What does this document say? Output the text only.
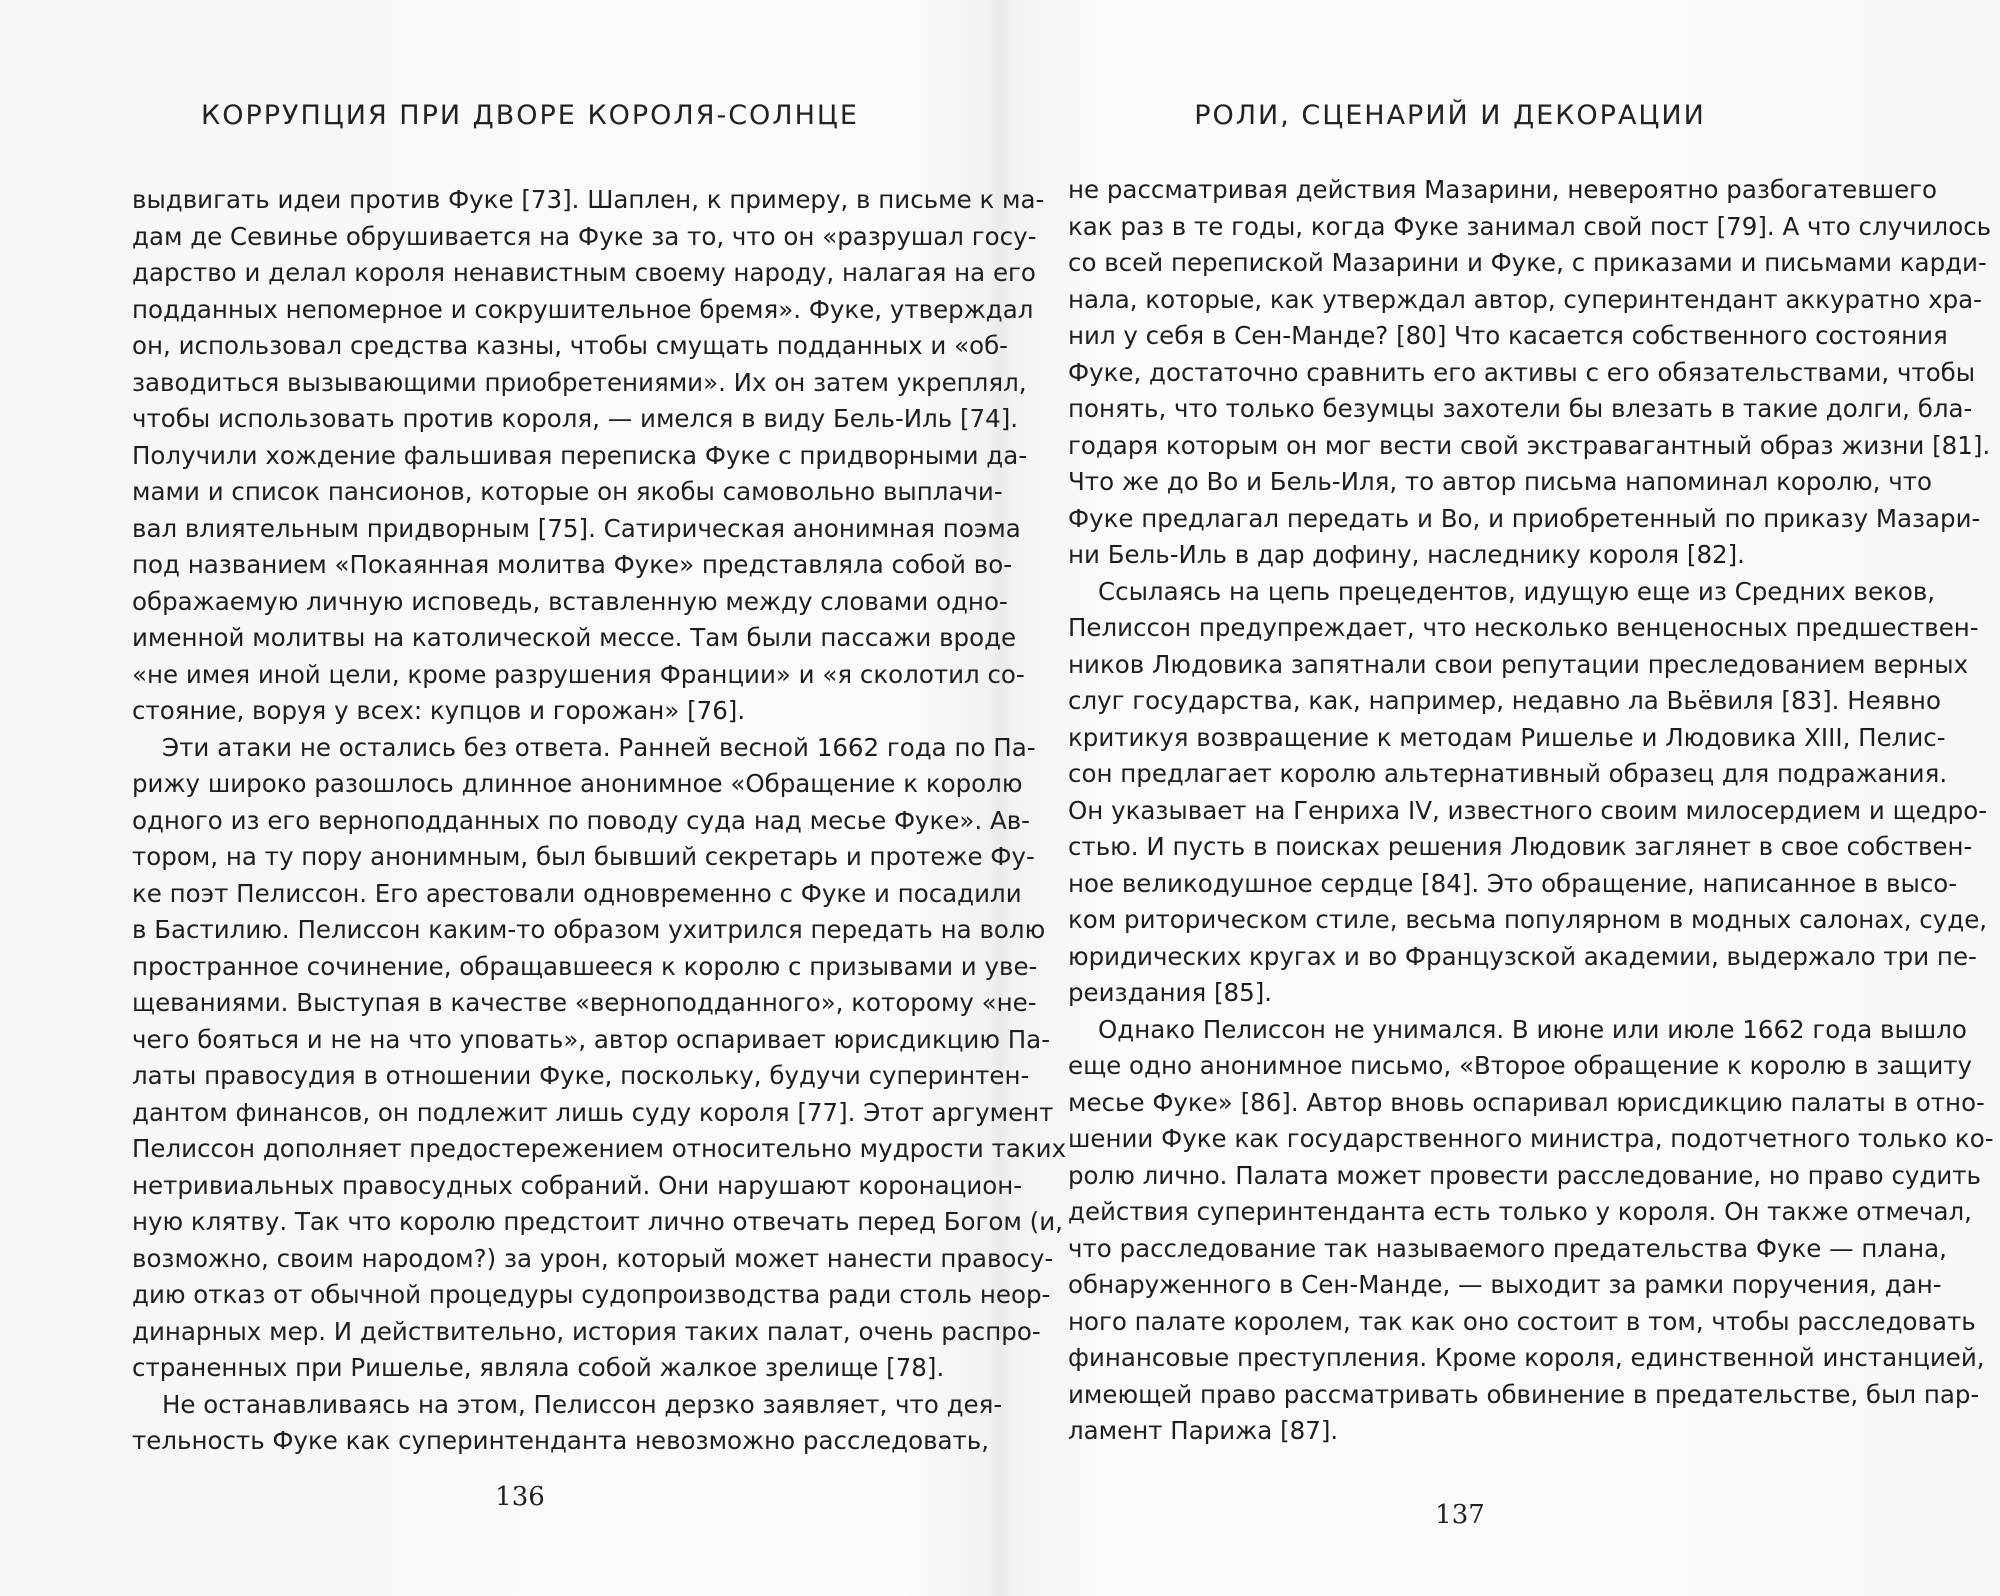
КОРРУПЦИЯ ПРИ ДВОРЕ КОРОЛЯ-СОЛНЦЕ
выдвигать идеи против Фуке [73]. Шаплен, к примеру, в письме к ма-
дам де Севинье обрушивается на Фуке за то, что он «разрушал госу-
дарство и делал короля ненавистным своему народу, налагая на его
подданных непомерное и сокрушительное бремя». Фуке, утверждал
он, использовал средства казны, чтобы смущать подданных и «об-
заводиться вызывающими приобретениями». Их он затем укреплял,
чтобы использовать против короля, — имелся в виду Бель-Иль [74].
Получили хождение фальшивая переписка Фуке с придворными да-
мами и список пансионов, которые он якобы самовольно выплачи-
вал влиятельным придворным [75]. Сатирическая анонимная поэма
под названием «Покаянная молитва Фуке» представляла собой во-
ображаемую личную исповедь, вставленную между словами одно-
именной молитвы на католической мессе. Там были пассажи вроде
«не имея иной цели, кроме разрушения Франции» и «я сколотил со-
стояние, воруя у всех: купцов и горожан» [76].
Эти атаки не остались без ответа. Ранней весной 1662 года по Па-
рижу широко разошлось длинное анонимное «Обращение к королю
одного из его верноподданных по поводу суда над месье Фуке». Ав-
тором, на ту пору анонимным, был бывший секретарь и протеже Фу-
ке поэт Пелиссон. Его арестовали одновременно с Фуке и посадили
в Бастилию. Пелиссон каким-то образом ухитрился передать на волю
пространное сочинение, обращавшееся к королю с призывами и уве-
щеваниями. Выступая в качестве «верноподданного», которому «не-
чего бояться и не на что уповать», автор оспаривает юрисдикцию Па-
латы правосудия в отношении Фуке, поскольку, будучи суперинтен-
дантом финансов, он подлежит лишь суду короля [77]. Этот аргумент
Пелиссон дополняет предостережением относительно мудрости таких
нетривиальных правосудных собраний. Они нарушают коронацион-
ную клятву. Так что королю предстоит лично отвечать перед Богом (и,
возможно, своим народом?) за урон, который может нанести правосу-
дию отказ от обычной процедуры судопроизводства ради столь неор-
динарных мер. И действительно, история таких палат, очень распро-
страненных при Ришелье, являла собой жалкое зрелище [78].
Не останавливаясь на этом, Пелиссон дерзко заявляет, что дея-
тельность Фуке как суперинтенданта невозможно расследовать,
136
РОЛИ, СЦЕНАРИЙ И ДЕКОРАЦИИ
не рассматривая действия Мазарини, невероятно разбогатевшего
как раз в те годы, когда Фуке занимал свой пост [79]. А что случилось
со всей перепиской Мазарини и Фуке, с приказами и письмами карди-
нала, которые, как утверждал автор, суперинтендант аккуратно хра-
нил у себя в Сен-Манде? [80] Что касается собственного состояния
Фуке, достаточно сравнить его активы с его обязательствами, чтобы
понять, что только безумцы захотели бы влезать в такие долги, бла-
годаря которым он мог вести свой экстравагантный образ жизни [81].
Что же до Во и Бель-Иля, то автор письма напоминал королю, что
Фуке предлагал передать и Во, и приобретенный по приказу Мазари-
ни Бель-Иль в дар дофину, наследнику короля [82].
Ссылаясь на цепь прецедентов, идущую еще из Средних веков,
Пелиссон предупреждает, что несколько венценосных предшествен-
ников Людовика запятнали свои репутации преследованием верных
слуг государства, как, например, недавно ла Вьёвиля [83]. Неявно
критикуя возвращение к методам Ришелье и Людовика XIII, Пелис-
сон предлагает королю альтернативный образец для подражания.
Он указывает на Генриха IV, известного своим милосердием и щедро-
стью. И пусть в поисках решения Людовик заглянет в свое собствен-
ное великодушное сердце [84]. Это обращение, написанное в высо-
ком риторическом стиле, весьма популярном в модных салонах, суде,
юридических кругах и во Французской академии, выдержало три пе-
реиздания [85].
Однако Пелиссон не унимался. В июне или июле 1662 года вышло
еще одно анонимное письмо, «Второе обращение к королю в защиту
месье Фуке» [86]. Автор вновь оспаривал юрисдикцию палаты в отно-
шении Фуке как государственного министра, подотчетного только ко-
ролю лично. Палата может провести расследование, но право судить
действия суперинтенданта есть только у короля. Он также отмечал,
что расследование так называемого предательства Фуке — плана,
обнаруженного в Сен-Манде, — выходит за рамки поручения, дан-
ного палате королем, так как оно состоит в том, чтобы расследовать
финансовые преступления. Кроме короля, единственной инстанцией,
имеющей право рассматривать обвинение в предательстве, был пар-
ламент Парижа [87].
137
